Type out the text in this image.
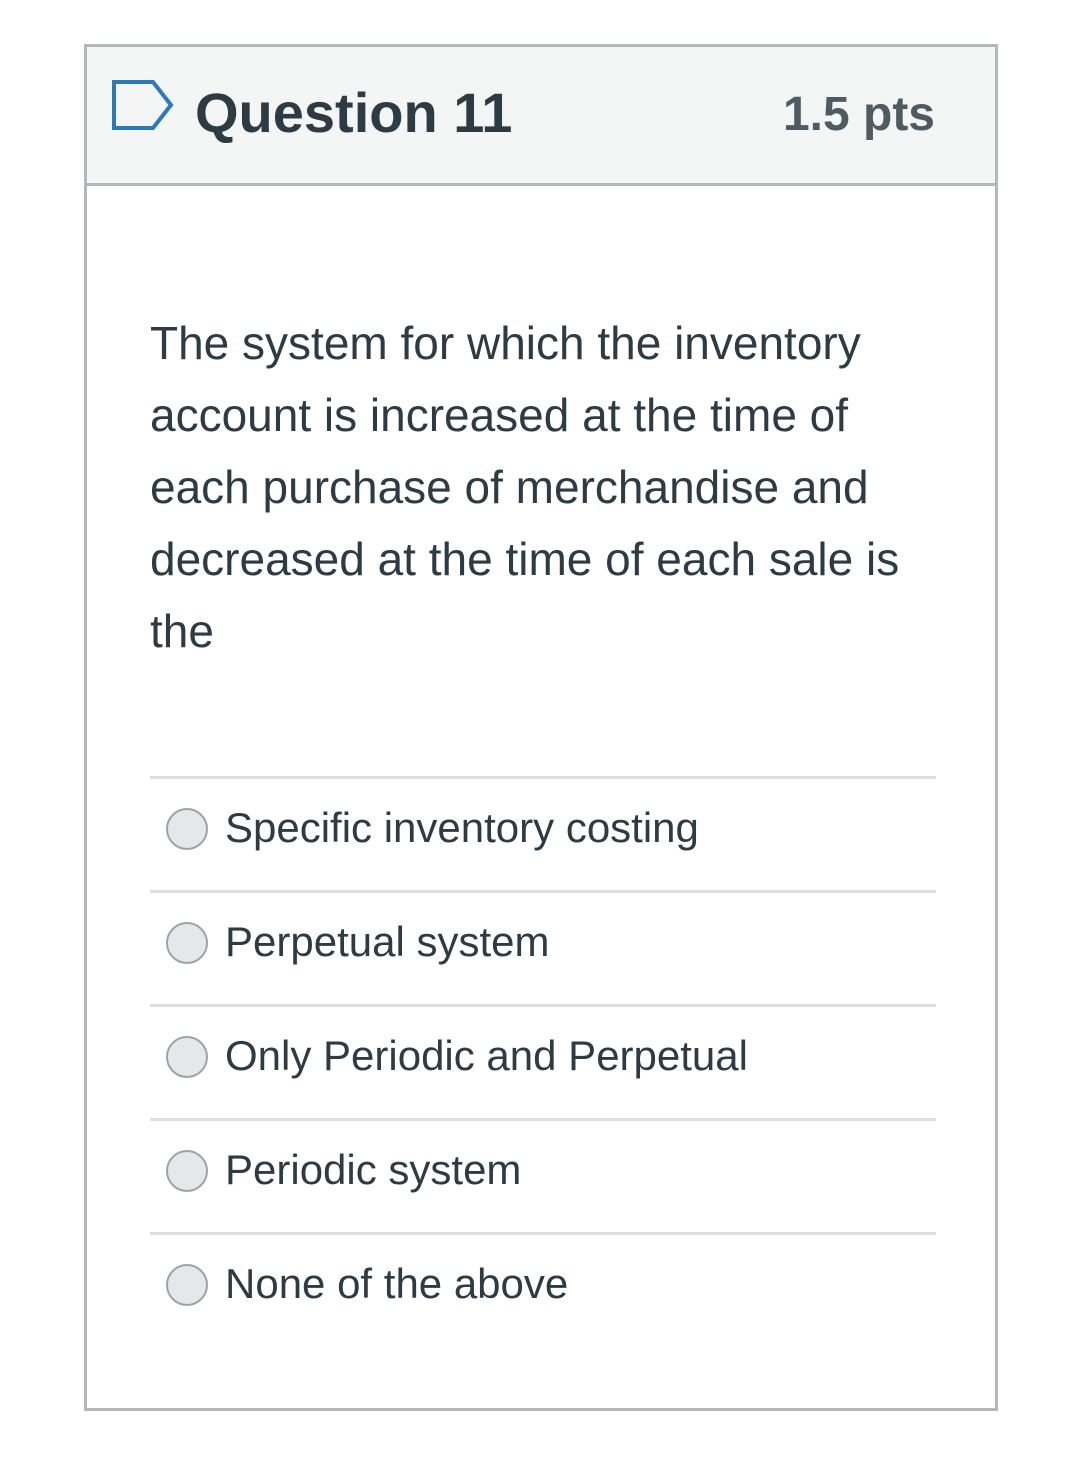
Question 11	1.5 pts
The system for which the inventory account is increased at the time of each purchase of merchandise and decreased at the time of each sale is the
Specific inventory costing
Perpetual system
Only Periodic and Perpetual
Periodic system
None of the above
